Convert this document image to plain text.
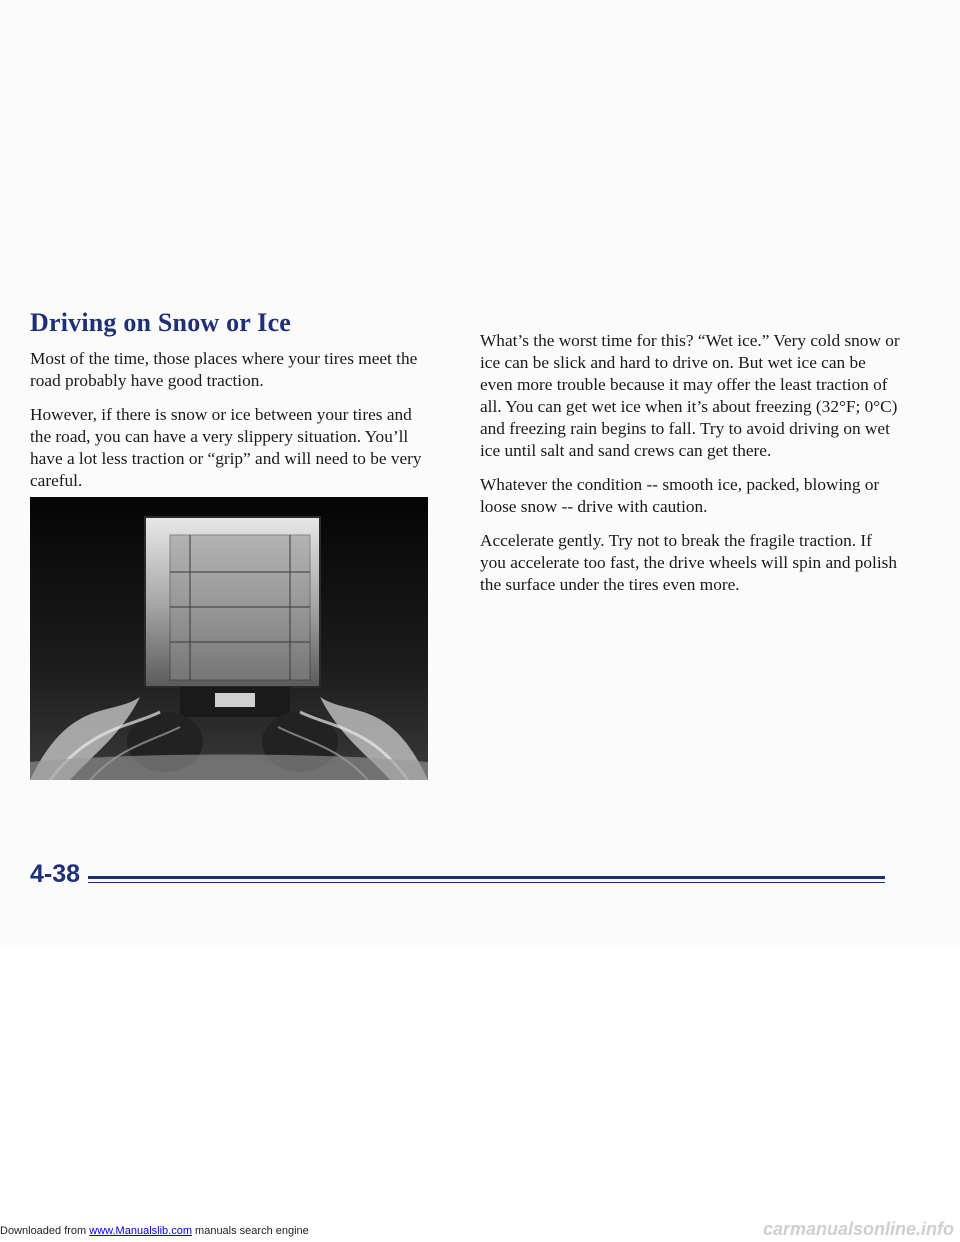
Driving on Snow or Ice

Most of the time, those places where your tires meet the road probably have good traction.

However, if there is snow or ice between your tires and the road, you can have a very slippery situation. You’ll have a lot less traction or “grip” and will need to be very careful.

What’s the worst time for this? “Wet ice.” Very cold snow or ice can be slick and hard to drive on. But wet ice can be even more trouble because it may offer the least traction of all. You can get wet ice when it’s about freezing (32°F; 0°C) and freezing rain begins to fall. Try to avoid driving on wet ice until salt and sand crews can get there.

Whatever the condition -- smooth ice, packed, blowing or loose snow -- drive with caution.

Accelerate gently. Try not to break the fragile traction. If you accelerate too fast, the drive wheels will spin and polish the surface under the tires even more.

4-38
Downloaded from www.Manualslib.com manuals search engine	carmanualsonline.info
